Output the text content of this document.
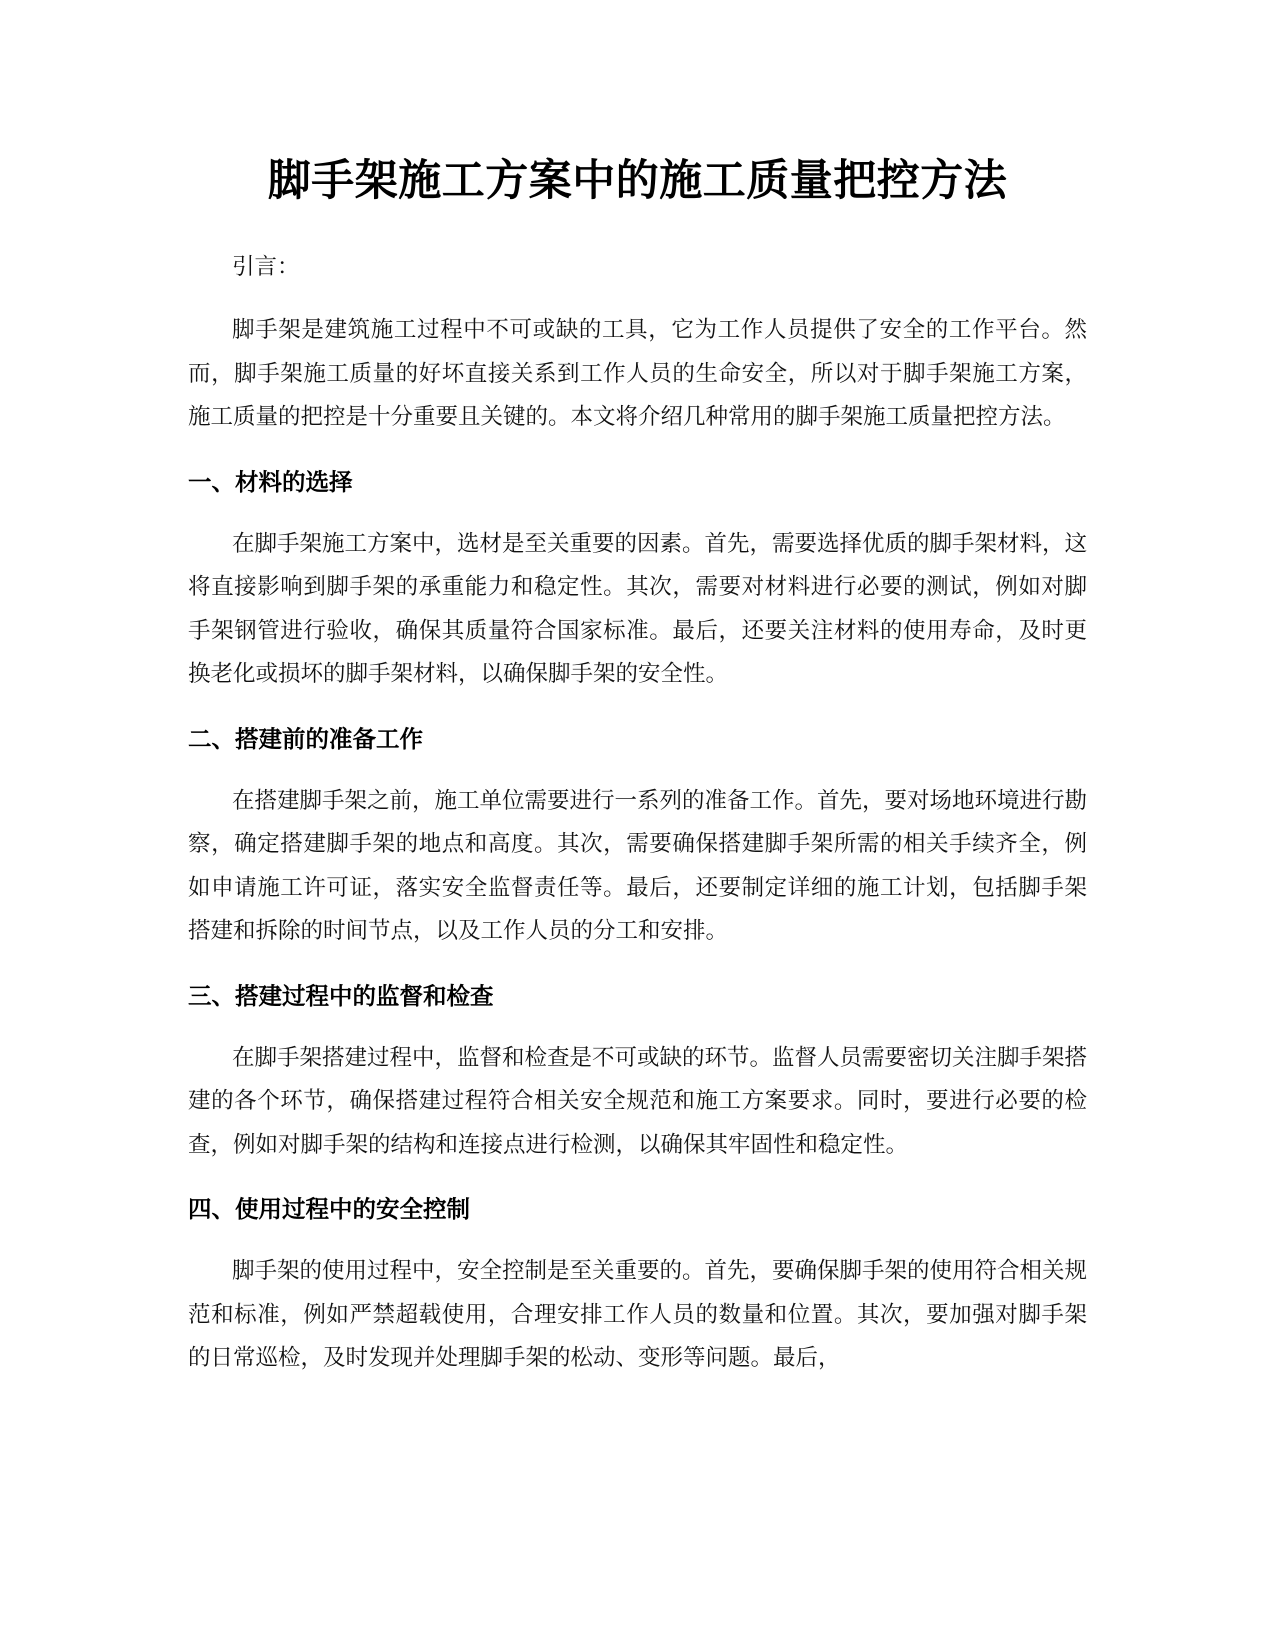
脚手架施工方案中的施工质量把控方法

引言：

脚手架是建筑施工过程中不可或缺的工具，它为工作人员提供了安全的工作平台。然而，脚手架施工质量的好坏直接关系到工作人员的生命安全，所以对于脚手架施工方案，施工质量的把控是十分重要且关键的。本文将介绍几种常用的脚手架施工质量把控方法。

一、材料的选择

在脚手架施工方案中，选材是至关重要的因素。首先，需要选择优质的脚手架材料，这将直接影响到脚手架的承重能力和稳定性。其次，需要对材料进行必要的测试，例如对脚手架钢管进行验收，确保其质量符合国家标准。最后，还要关注材料的使用寿命，及时更换老化或损坏的脚手架材料，以确保脚手架的安全性。

二、搭建前的准备工作

在搭建脚手架之前，施工单位需要进行一系列的准备工作。首先，要对场地环境进行勘察，确定搭建脚手架的地点和高度。其次，需要确保搭建脚手架所需的相关手续齐全，例如申请施工许可证，落实安全监督责任等。最后，还要制定详细的施工计划，包括脚手架搭建和拆除的时间节点，以及工作人员的分工和安排。

三、搭建过程中的监督和检查

在脚手架搭建过程中，监督和检查是不可或缺的环节。监督人员需要密切关注脚手架搭建的各个环节，确保搭建过程符合相关安全规范和施工方案要求。同时，要进行必要的检查，例如对脚手架的结构和连接点进行检测，以确保其牢固性和稳定性。

四、使用过程中的安全控制

脚手架的使用过程中，安全控制是至关重要的。首先，要确保脚手架的使用符合相关规范和标准，例如严禁超载使用，合理安排工作人员的数量和位置。其次，要加强对脚手架的日常巡检，及时发现并处理脚手架的松动、变形等问题。最后，
